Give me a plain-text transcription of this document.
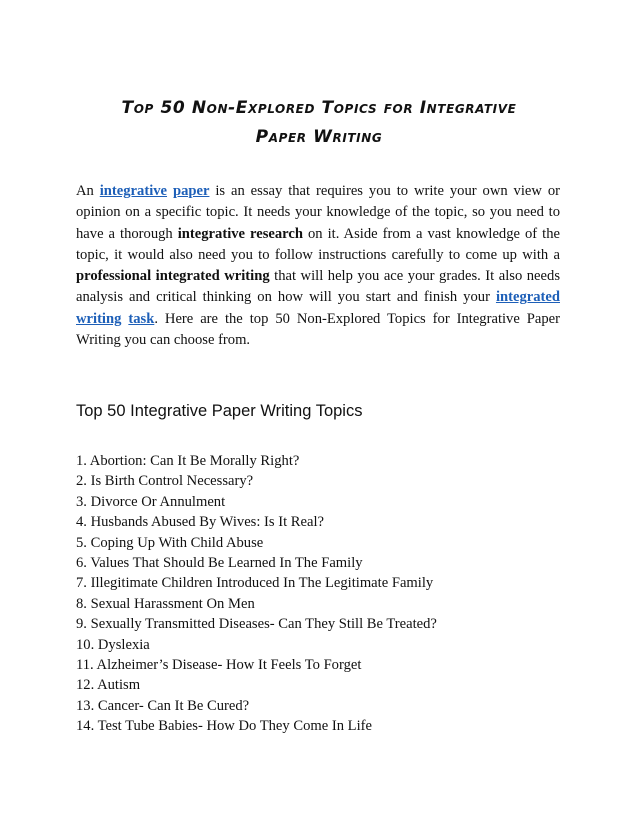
Top 50 Non-Explored Topics for Integrative
Paper Writing

An integrative paper is an essay that requires you to write your own view or opinion on a specific topic. It needs your knowledge of the topic, so you need to have a thorough integrative research on it. Aside from a vast knowledge of the topic, it would also need you to follow instructions carefully to come up with a professional integrated writing that will help you ace your grades. It also needs analysis and critical thinking on how will you start and finish your integrated writing task. Here are the top 50 Non-Explored Topics for Integrative Paper Writing you can choose from.

Top 50 Integrative Paper Writing Topics
1. Abortion: Can It Be Morally Right?
2. Is Birth Control Necessary?
3. Divorce Or Annulment
4. Husbands Abused By Wives: Is It Real?
5. Coping Up With Child Abuse
6. Values That Should Be Learned In The Family
7. Illegitimate Children Introduced In The Legitimate Family
8. Sexual Harassment On Men
9. Sexually Transmitted Diseases- Can They Still Be Treated?
10. Dyslexia
11. Alzheimer’s Disease- How It Feels To Forget
12. Autism
13. Cancer- Can It Be Cured?
14. Test Tube Babies- How Do They Come In Life
